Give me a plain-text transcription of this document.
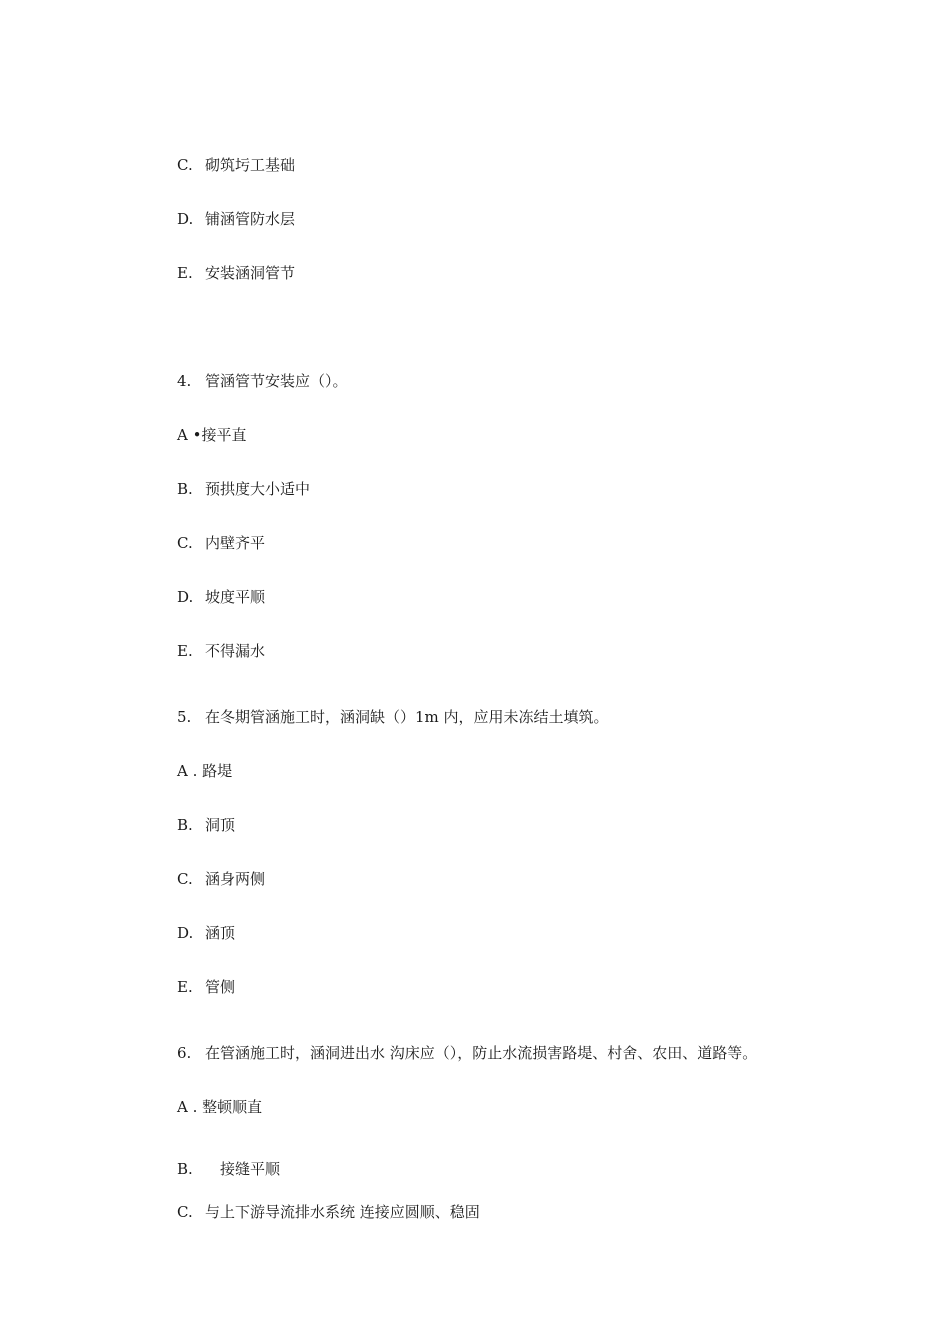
C. 砌筑圬工基础
D. 铺涵管防水层
E. 安装涵洞管节
4. 管涵管节安装应（）。
A •接平直
B. 预拱度大小适中
C. 内壁齐平
D. 坡度平顺
E. 不得漏水
5. 在冬期管涵施工时，涵洞缺（）1m 内，应用未冻结土填筑。
A . 路堤
B. 洞顶
C. 涵身两侧
D. 涵顶
E. 管侧
6. 在管涵施工时，涵洞进出水 沟床应（），防止水流损害路堤、村舍、农田、道路等。
A . 整顿顺直
B. 接缝平顺
C. 与上下游导流排水系统 连接应圆顺、稳固
